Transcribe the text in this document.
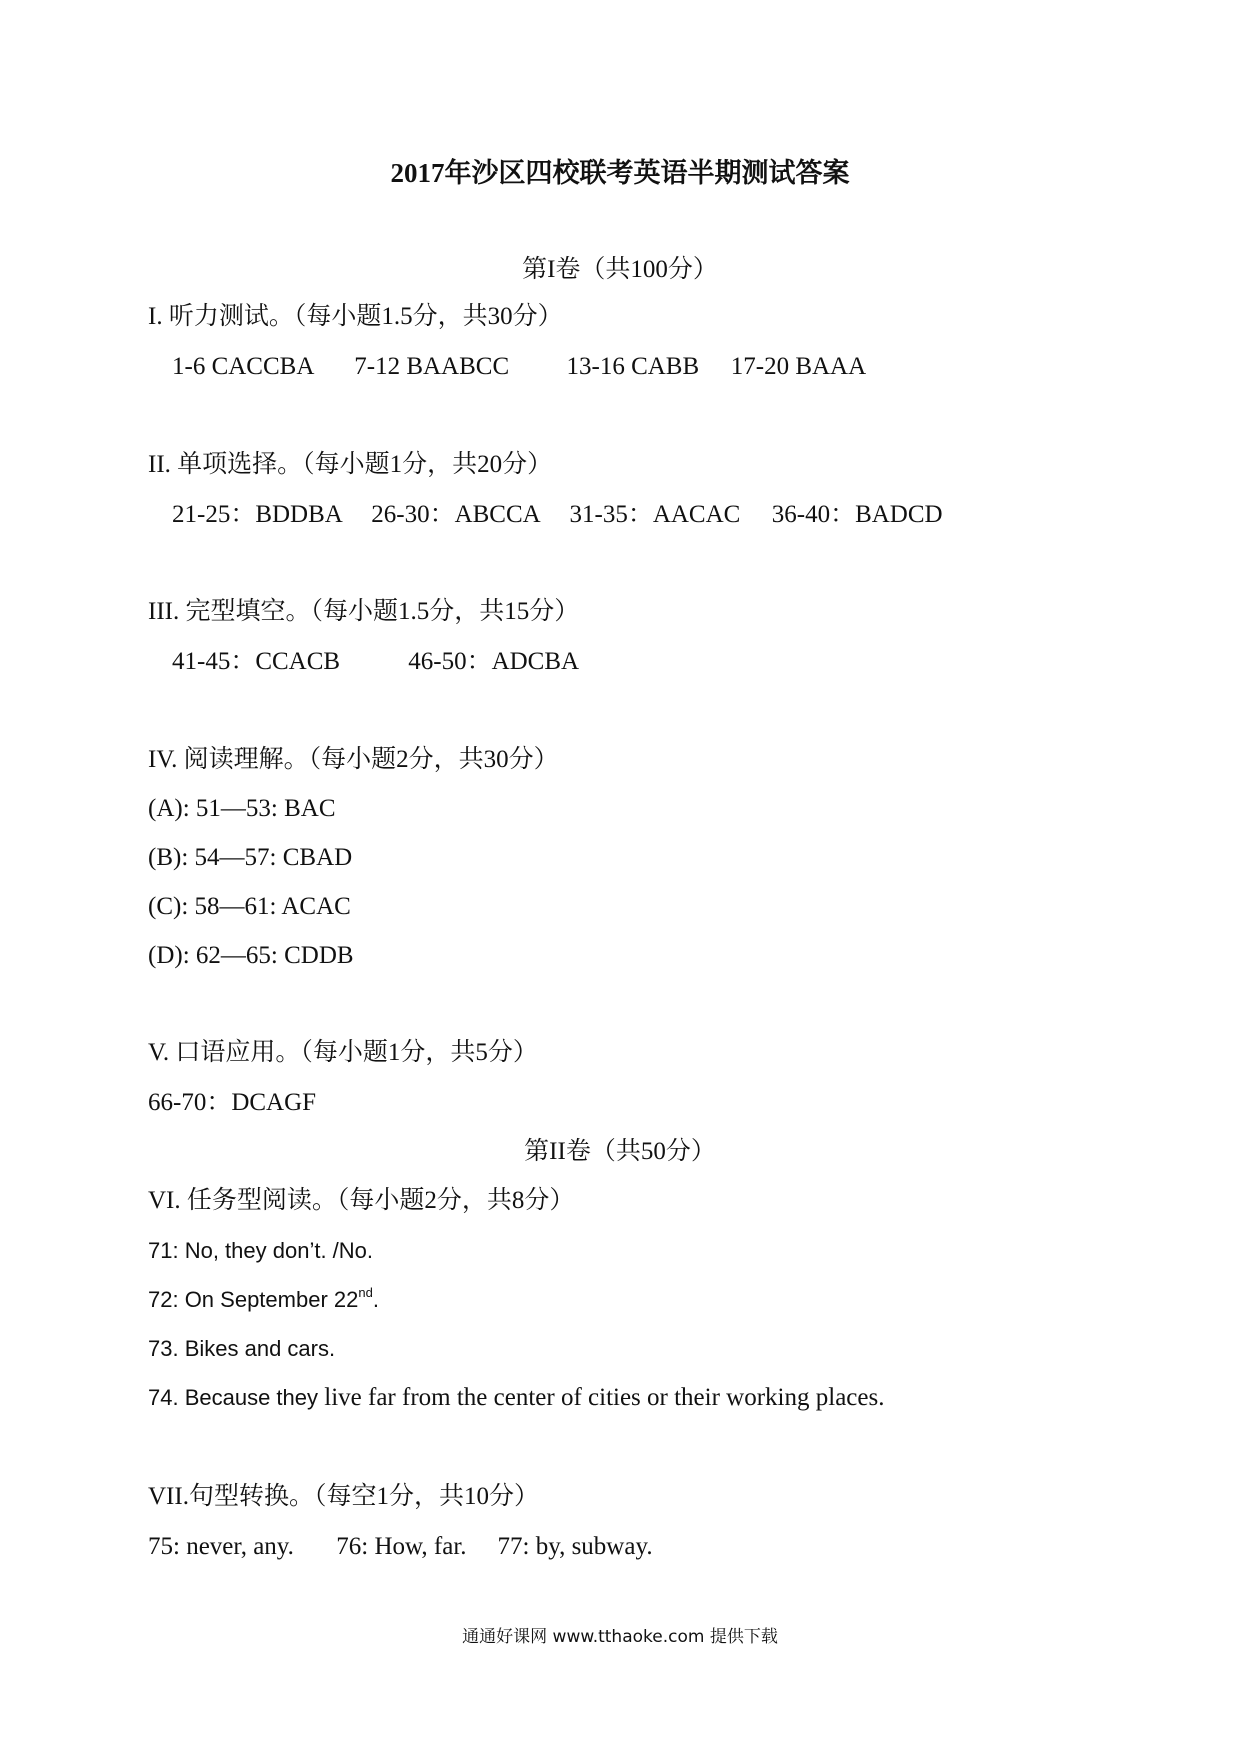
2017年沙区四校联考英语半期测试答案
第I卷（共100分）
I. 听力测试。（每小题1.5分，共30分）
1-6 CACCBA 7-12 BAABCC 13-16 CABB 17-20 BAAA
II. 单项选择。（每小题1分，共20分）
21-25：BDDBA 26-30：ABCCA 31-35：AACAC 36-40：BADCD
III. 完型填空。（每小题1.5分，共15分）
41-45：CCACB	46-50：ADCBA
IV. 阅读理解。（每小题2分，共30分）
(A): 51—53: BAC
(B): 54—57: CBAD
(C): 58—61: ACAC
(D): 62—65: CDDB
V. 口语应用。（每小题1分，共5分）
66-70：DCAGF
第II卷（共50分）
VI. 任务型阅读。（每小题2分，共8分）
71: No, they don’t. /No.
72: On September 22nd.
73. Bikes and cars.
74. Because they live far from the center of cities or their working places.
VII.句型转换。（每空1分，共10分）
75: never, any. 76: How, far. 77: by, subway.
通通好课网 www.tthaoke.com 提供下载
